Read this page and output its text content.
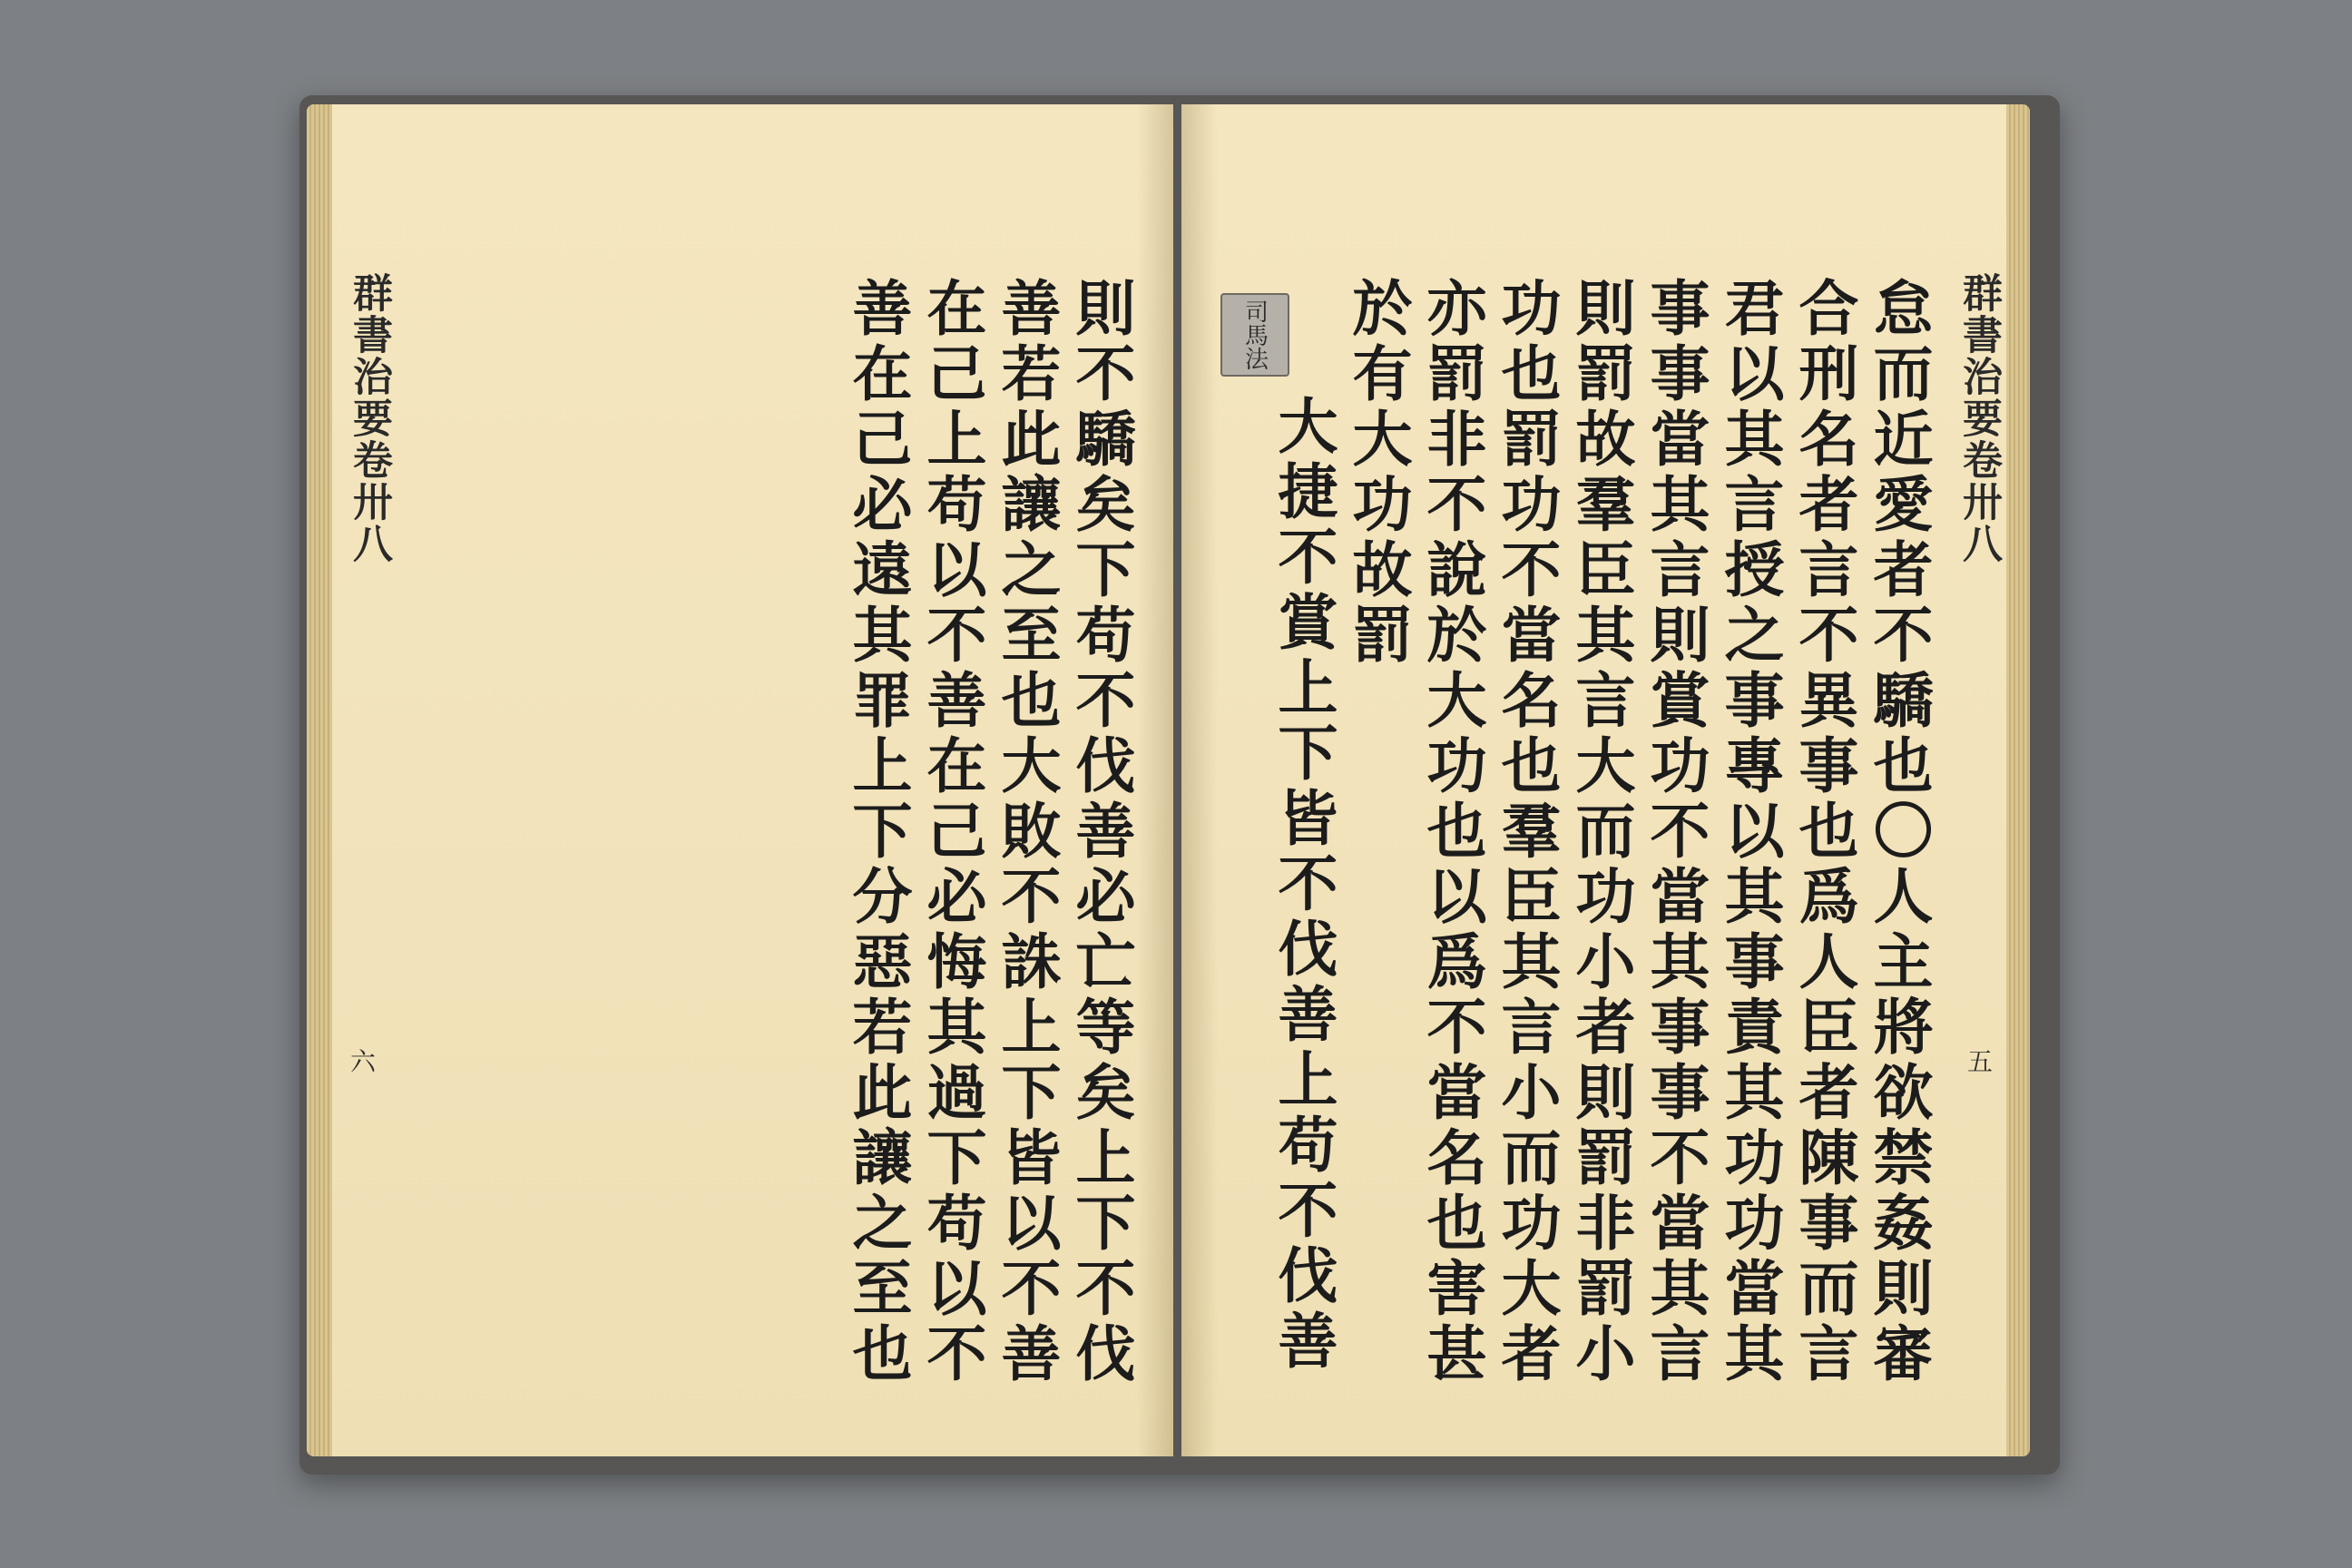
群書治要卷卅八
六	則不驕矣下苟不伐善必亡等矣上下不伐
善若此讓之至也大敗不誅上下皆以不善
在己上苟以不善在己必悔其過下苟以不
善在己必遠其罪上下分惡若此讓之至也	群書治要卷卅八
五
怠而近愛者不驕也〇人主將欲禁姦則審
合刑名者言不異事也爲人臣者陳事而言
君以其言授之事專以其事責其功功當其
事事當其言則賞功不當其事事不當其言
則罰故羣臣其言大而功小者則罰非罰小
功也罰功不當名也羣臣其言小而功大者
亦罰非不說於大功也以爲不當名也害甚
於有大功故罰
大捷不賞上下皆不伐善上苟不伐善
司馬法
